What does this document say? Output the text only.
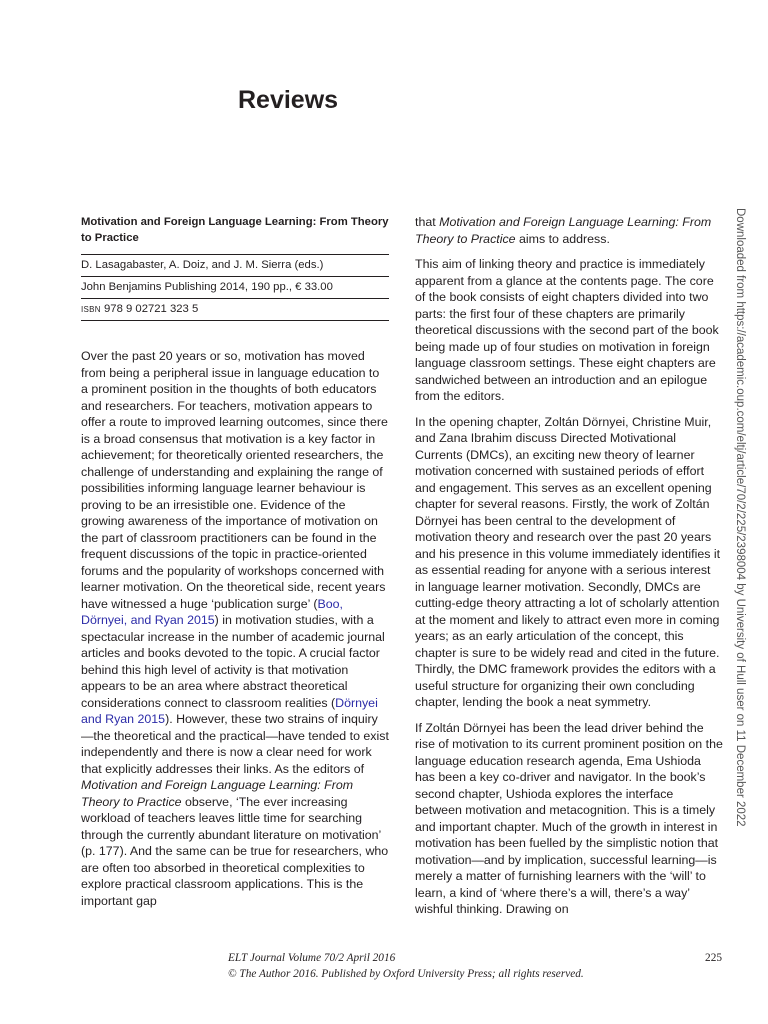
Reviews
Motivation and Foreign Language Learning: From Theory to Practice
D. Lasagabaster, A. Doiz, and J. M. Sierra (eds.)
John Benjamins Publishing 2014, 190 pp., € 33.00
isbn 978 9 02721 323 5

Over the past 20 years or so, motivation has moved from being a peripheral issue in language education to a prominent position in the thoughts of both educators and researchers. For teachers, motivation appears to offer a route to improved learning outcomes, since there is a broad consensus that motivation is a key factor in achievement; for theoretically oriented researchers, the challenge of understanding and explaining the range of possibilities informing language learner behaviour is proving to be an irresistible one. Evidence of the growing awareness of the importance of motivation on the part of classroom practitioners can be found in the frequent discussions of the topic in practice-oriented forums and the popularity of workshops concerned with learner motivation. On the theoretical side, recent years have witnessed a huge ‘publication surge’ (Boo, Dörnyei, and Ryan 2015) in motivation studies, with a spectacular increase in the number of academic journal articles and books devoted to the topic. A crucial factor behind this high level of activity is that motivation appears to be an area where abstract theoretical considerations connect to classroom realities (Dörnyei and Ryan 2015). However, these two strains of inquiry—the theoretical and the practical—have tended to exist independently and there is now a clear need for work that explicitly addresses their links. As the editors of Motivation and Foreign Language Learning: From Theory to Practice observe, ‘The ever increasing workload of teachers leaves little time for searching through the currently abundant literature on motivation’ (p. 177). And the same can be true for researchers, who are often too absorbed in theoretical complexities to explore practical classroom applications. This is the important gap

that Motivation and Foreign Language Learning: From Theory to Practice aims to address.

This aim of linking theory and practice is immediately apparent from a glance at the contents page. The core of the book consists of eight chapters divided into two parts: the first four of these chapters are primarily theoretical discussions with the second part of the book being made up of four studies on motivation in foreign language classroom settings. These eight chapters are sandwiched between an introduction and an epilogue from the editors.

In the opening chapter, Zoltán Dörnyei, Christine Muir, and Zana Ibrahim discuss Directed Motivational Currents (DMCs), an exciting new theory of learner motivation concerned with sustained periods of effort and engagement. This serves as an excellent opening chapter for several reasons. Firstly, the work of Zoltán Dörnyei has been central to the development of motivation theory and research over the past 20 years and his presence in this volume immediately identifies it as essential reading for anyone with a serious interest in language learner motivation. Secondly, DMCs are cutting-edge theory attracting a lot of scholarly attention at the moment and likely to attract even more in coming years; as an early articulation of the concept, this chapter is sure to be widely read and cited in the future. Thirdly, the DMC framework provides the editors with a useful structure for organizing their own concluding chapter, lending the book a neat symmetry.

If Zoltán Dörnyei has been the lead driver behind the rise of motivation to its current prominent position on the language education research agenda, Ema Ushioda has been a key co-driver and navigator. In the book’s second chapter, Ushioda explores the interface between motivation and metacognition. This is a timely and important chapter. Much of the growth in interest in motivation has been fuelled by the simplistic notion that motivation—and by implication, successful learning—is merely a matter of furnishing learners with the ‘will’ to learn, a kind of ‘where there’s a will, there’s a way’ wishful thinking. Drawing on

ELT Journal Volume 70/2 April 2016
© The Author 2016. Published by Oxford University Press; all rights reserved.
225
Downloaded from https://academic.oup.com/eltj/article/70/2/225/2398004 by University of Hull user on 11 December 2022
